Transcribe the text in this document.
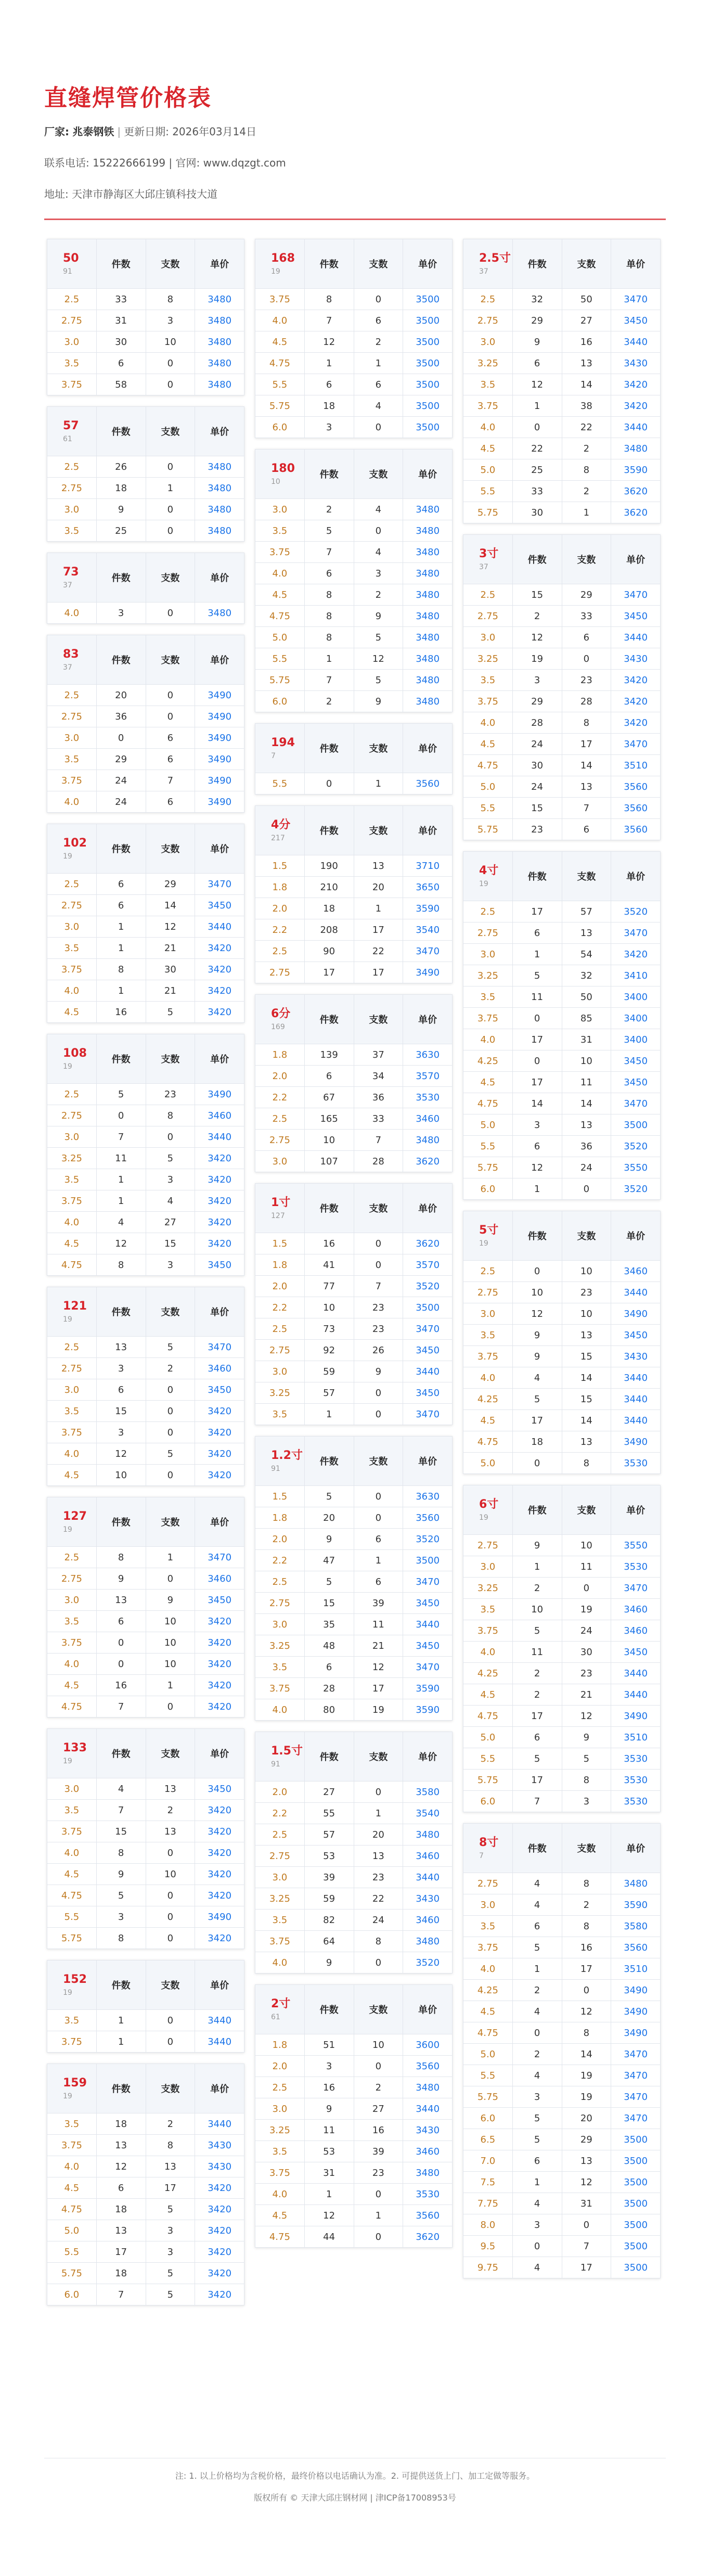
直缝焊管价格表
厂家: 兆泰钢铁 | 更新日期: 2026年03月14日
联系电话: 15222666199 | 官网: www.dqzgt.com
地址: 天津市静海区大邱庄镇科技大道
50
91	件数	支数	单价
2.5	33	8	3480
2.75	31	3	3480
3.0	30	10	3480
3.5	6	0	3480
3.75	58	0	3480
57
61	件数	支数	单价
2.5	26	0	3480
2.75	18	1	3480
3.0	9	0	3480
3.5	25	0	3480
73
37	件数	支数	单价
4.0	3	0	3480
83
37	件数	支数	单价
2.5	20	0	3490
2.75	36	0	3490
3.0	0	6	3490
3.5	29	6	3490
3.75	24	7	3490
4.0	24	6	3490
102
19	件数	支数	单价
2.5	6	29	3470
2.75	6	14	3450
3.0	1	12	3440
3.5	1	21	3420
3.75	8	30	3420
4.0	1	21	3420
4.5	16	5	3420
108
19	件数	支数	单价
2.5	5	23	3490
2.75	0	8	3460
3.0	7	0	3440
3.25	11	5	3420
3.5	1	3	3420
3.75	1	4	3420
4.0	4	27	3420
4.5	12	15	3420
4.75	8	3	3450
121
19	件数	支数	单价
2.5	13	5	3470
2.75	3	2	3460
3.0	6	0	3450
3.5	15	0	3420
3.75	3	0	3420
4.0	12	5	3420
4.5	10	0	3420
127
19	件数	支数	单价
2.5	8	1	3470
2.75	9	0	3460
3.0	13	9	3450
3.5	6	10	3420
3.75	0	10	3420
4.0	0	10	3420
4.5	16	1	3420
4.75	7	0	3420
133
19	件数	支数	单价
3.0	4	13	3450
3.5	7	2	3420
3.75	15	13	3420
4.0	8	0	3420
4.5	9	10	3420
4.75	5	0	3420
5.5	3	0	3490
5.75	8	0	3420
152
19	件数	支数	单价
3.5	1	0	3440
3.75	1	0	3440
159
19	件数	支数	单价
3.5	18	2	3440
3.75	13	8	3430
4.0	12	13	3430
4.5	6	17	3420
4.75	18	5	3420
5.0	13	3	3420
5.5	17	3	3420
5.75	18	5	3420
6.0	7	5	3420
168
19	件数	支数	单价
3.75	8	0	3500
4.0	7	6	3500
4.5	12	2	3500
4.75	1	1	3500
5.5	6	6	3500
5.75	18	4	3500
6.0	3	0	3500
180
10	件数	支数	单价
3.0	2	4	3480
3.5	5	0	3480
3.75	7	4	3480
4.0	6	3	3480
4.5	8	2	3480
4.75	8	9	3480
5.0	8	5	3480
5.5	1	12	3480
5.75	7	5	3480
6.0	2	9	3480
194
7	件数	支数	单价
5.5	0	1	3560
4分
217	件数	支数	单价
1.5	190	13	3710
1.8	210	20	3650
2.0	18	1	3590
2.2	208	17	3540
2.5	90	22	3470
2.75	17	17	3490
6分
169	件数	支数	单价
1.8	139	37	3630
2.0	6	34	3570
2.2	67	36	3530
2.5	165	33	3460
2.75	10	7	3480
3.0	107	28	3620
1寸
127	件数	支数	单价
1.5	16	0	3620
1.8	41	0	3570
2.0	77	7	3520
2.2	10	23	3500
2.5	73	23	3470
2.75	92	26	3450
3.0	59	9	3440
3.25	57	0	3450
3.5	1	0	3470
1.2寸
91	件数	支数	单价
1.5	5	0	3630
1.8	20	0	3560
2.0	9	6	3520
2.2	47	1	3500
2.5	5	6	3470
2.75	15	39	3450
3.0	35	11	3440
3.25	48	21	3450
3.5	6	12	3470
3.75	28	17	3590
4.0	80	19	3590
1.5寸
91	件数	支数	单价
2.0	27	0	3580
2.2	55	1	3540
2.5	57	20	3480
2.75	53	13	3460
3.0	39	23	3440
3.25	59	22	3430
3.5	82	24	3460
3.75	64	8	3480
4.0	9	0	3520
2寸
61	件数	支数	单价
1.8	51	10	3600
2.0	3	0	3560
2.5	16	2	3480
3.0	9	27	3440
3.25	11	16	3430
3.5	53	39	3460
3.75	31	23	3480
4.0	1	0	3530
4.5	12	1	3560
4.75	44	0	3620
2.5寸
37	件数	支数	单价
2.5	32	50	3470
2.75	29	27	3450
3.0	9	16	3440
3.25	6	13	3430
3.5	12	14	3420
3.75	1	38	3420
4.0	0	22	3440
4.5	22	2	3480
5.0	25	8	3590
5.5	33	2	3620
5.75	30	1	3620
3寸
37	件数	支数	单价
2.5	15	29	3470
2.75	2	33	3450
3.0	12	6	3440
3.25	19	0	3430
3.5	3	23	3420
3.75	29	28	3420
4.0	28	8	3420
4.5	24	17	3470
4.75	30	14	3510
5.0	24	13	3560
5.5	15	7	3560
5.75	23	6	3560
4寸
19	件数	支数	单价
2.5	17	57	3520
2.75	6	13	3470
3.0	1	54	3420
3.25	5	32	3410
3.5	11	50	3400
3.75	0	85	3400
4.0	17	31	3400
4.25	0	10	3450
4.5	17	11	3450
4.75	14	14	3470
5.0	3	13	3500
5.5	6	36	3520
5.75	12	24	3550
6.0	1	0	3520
5寸
19	件数	支数	单价
2.5	0	10	3460
2.75	10	23	3440
3.0	12	10	3490
3.5	9	13	3450
3.75	9	15	3430
4.0	4	14	3440
4.25	5	15	3440
4.5	17	14	3440
4.75	18	13	3490
5.0	0	8	3530
6寸
19	件数	支数	单价
2.75	9	10	3550
3.0	1	11	3530
3.25	2	0	3470
3.5	10	19	3460
3.75	5	24	3460
4.0	11	30	3450
4.25	2	23	3440
4.5	2	21	3440
4.75	17	12	3490
5.0	6	9	3510
5.5	5	5	3530
5.75	17	8	3530
6.0	7	3	3530
8寸
7	件数	支数	单价
2.75	4	8	3480
3.0	4	2	3590
3.5	6	8	3580
3.75	5	16	3560
4.0	1	17	3510
4.25	2	0	3490
4.5	4	12	3490
4.75	0	8	3490
5.0	2	14	3470
5.5	4	19	3470
5.75	3	19	3470
6.0	5	20	3470
6.5	5	29	3500
7.0	6	13	3500
7.5	1	12	3500
7.75	4	31	3500
8.0	3	0	3500
9.5	0	7	3500
9.75	4	17	3500

注: 1. 以上价格均为含税价格，最终价格以电话确认为准。2. 可提供送货上门、加工定做等服务。

版权所有 © 天津大邱庄钢材网 | 津ICP备17008953号
